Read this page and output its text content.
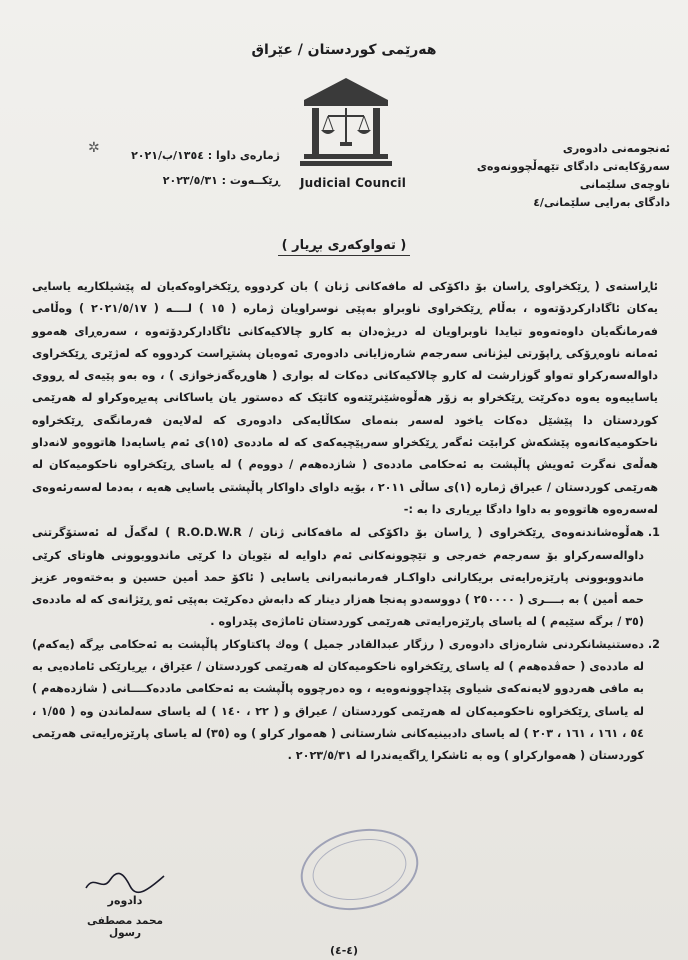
هەرێمی کوردستان / عێراق
Judicial Council
ئەنجومەنی دادوەری
سەرۆکایەتی دادگای تێهەڵچوونەوەی ناوچەی سلێمانی
دادگای بەرایی سلێمانی/٤
✲	ژمارەی داوا : ١٣٥٤/ب/٢٠٢١
ڕێکــەوت : ٢٠٢٣/٥/٣١
( تەواوكەری بڕیار )

ئاڕاستەی ( ڕێکخراوی ڕاسان بۆ داکۆکی لە مافەکانی ژنان ) بان کردووە ڕێکخراوەکەیان لە پێشیلکاریە یاسایی یەکان ئاگادارکردۆتەوە ، بەڵام ڕێکخراوی ناوبراو بەپێی نوسراویان ژمارە ( ١٥ ) لــــە ( ٢٠٢١/٥/١٧ ) وەڵامی فەرمانگەیان داوەتەوەو تیایدا ناوبراویان لە دریژەدان بە کارو چالاکیەکانی ئاگادارکردۆتەوە ، سەرەڕای هەموو ئەمانە ناوەڕۆکی ڕاپۆرتی لیژنانی سەرجەم شارەزایانی دادوەری ئەوەیان پشتڕاست کردووە کە لەژێری ڕێکخراوی داوالەسەرکراو تەواو گوزارشت لە کارو چالاکیەکانی دەکات لە بواری ( هاوڕەگەزخوازی ) ، وە بەو پێیەی لە ڕووی یاساییەوە یەوە دەکرێت ڕێکخراو بە زۆر هەڵوەشێنرێتەوە کاتێک کە دەستور یان یاساکانی پەیڕەوکراو لە هەرێمی کوردستان دا پێشێل دەکات یاخود لەسەر بنەمای سکاڵایەکی دادوەری کە لەلایەن فەرمانگەی ڕێکخراوە ناحکومیەکانەوە پێشکەش کرابێت ئەگەر ڕێکخراو سەرپێچیەکەی کە لە ماددەی (١٥)ی ئەم یاسایەدا هاتووەو لانەداو هەڵەی نەگرت ئەویش پاڵپشت بە ئەحکامی ماددەی ( شازدەهەم / دووەم ) لە یاسای ڕێکخراوە ناحکومیەکان لە هەرێمی کوردستان / عیراق ژمارە (١)ی ساڵی ٢٠١١ ، بۆیە داوای داواکار پاڵپشتی یاسایی هەیە ، بەدما لەسەرئەوەی لەسەرەوە هاتووەو بە داوا دادگا بڕیاری دا بە :-

1. هەڵوەشاندنەوەی ڕێکخراوی ( ڕاسان بۆ داکۆکی لە مافەکانی ژنان / R.O.D.W.R ) لەگەڵ لە ئەستۆگرتنی داوالەسەرکراو بۆ سەرجەم خەرجی و تێچوونەکانی ئەم داوایە لە نێویان دا کرێی ماندووبوونی هاوتای کرێی ماندووبوونی پارێزەرایەتی بریکارانی داواکـار فەرمانبەرانی یاسایی ( ئاکۆ حمد أمین حسین و بەختەوەر عزیز حمە أمین ) بە بــــری ( ٢٥٠٠٠٠ ) دووسەدو پەنجا هەزار دینار کە دابەش دەکرێت بەپێی ئەو ڕێژانەی کە لە ماددەی (٣٥ / برگە سێیەم ) لە یاسای پارێزەرایەتی هەرێمی کوردستان ئاماژەی پێدراوە .
2. دەستنیشانکردنی شارەزای دادوەری ( رزگار عبدالقادر جمیل ) وەك پاکتاوکار پاڵپشت بە ئەحکامی بڕگە (یەکەم) لە ماددەی ( حەڤدەهەم ) لە یاسای ڕێکخراوە ناحکومیەکان لە هەرێمی کوردستان / عێراق ، بڕیارێکی ئامادەیی بە بە مافی هەردوو لایەنەکەی شیاوی پێداچوونەوەیە ، وە دەرچووە پاڵپشت بە ئەحکامی ماددەکــــانی ( شازدەهەم ) لە یاسای ڕێکخراوە ناحکومیەکان لە هەرێمی کوردستان / عیراق و ( ٢٢ ، ١٤٠ ) لە یاسای سەلماندن وە ( ١/٥٥ ، ٥٤ ، ١٦١ ، ١٦١ ، ٢٠٣ ) لە یاسای دادبینیەکانی شارستانی ( هەموار کراو ) وە (٣٥) لە یاسای پارێزەرایەتی هەرێمی کوردستان ( هەموارکراو ) وە بە ئاشکرا ڕاگەیەندرا لە ٢٠٢٣/٥/٣١ .
دادوەر
محمد مصطفی رسول
(٤-٤)
